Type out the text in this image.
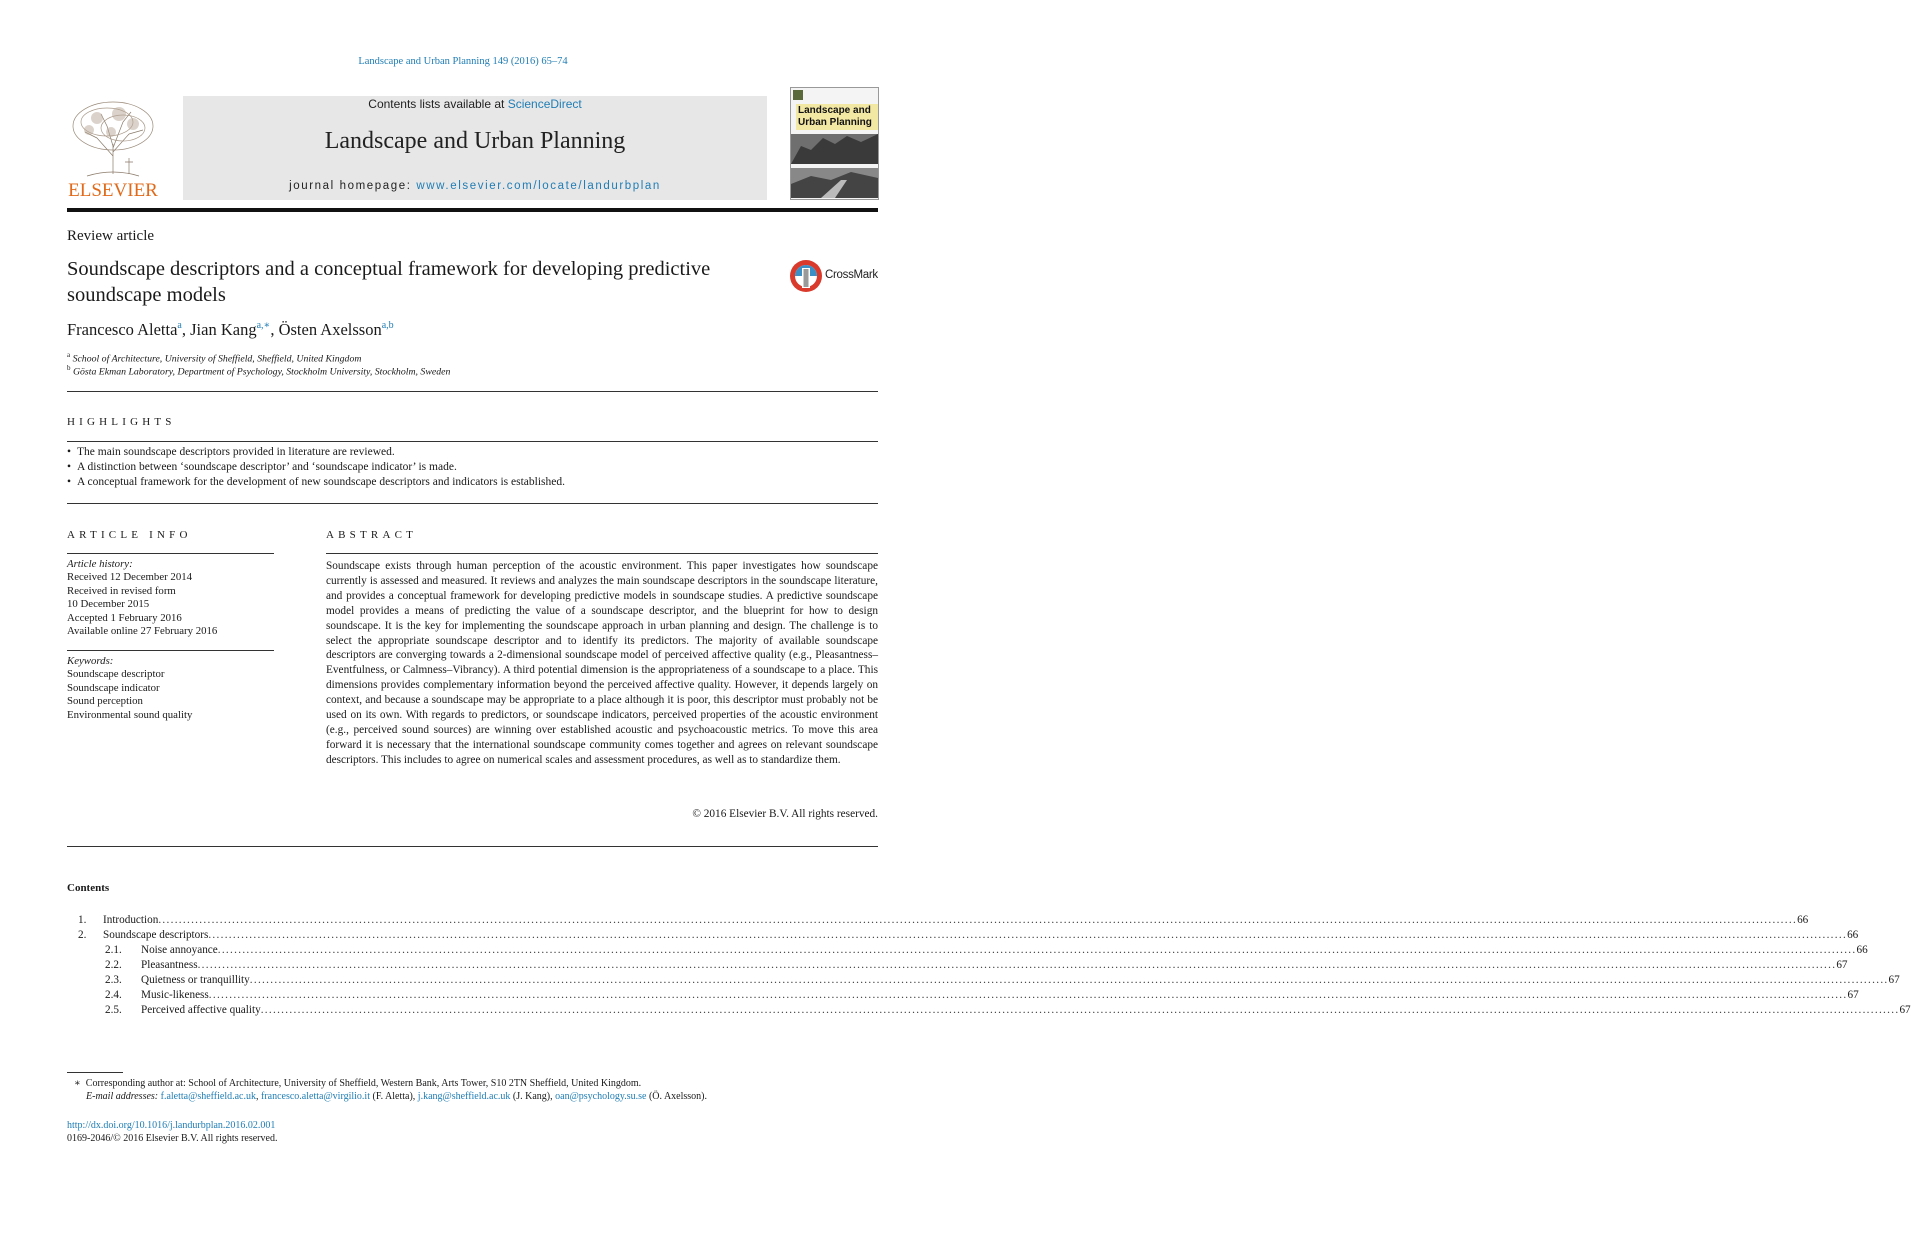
Landscape and Urban Planning 149 (2016) 65–74
ELSEVIER
Contents lists available at ScienceDirect
Landscape and Urban Planning
journal homepage: www.elsevier.com/locate/landurbplan
Landscape and Urban Planning
Review article
Soundscape descriptors and a conceptual framework for developing predictive soundscape models
CrossMark
Francesco Aletta$^a$, Jian Kang$^{a,∗}$, Östen Axelsson$^{a,b}$
$^a$ School of Architecture, University of Sheffield, Sheffield, United Kingdom
$^b$ Gösta Ekman Laboratory, Department of Psychology, Stockholm University, Stockholm, Sweden
HIGHLIGHTS
• The main soundscape descriptors provided in literature are reviewed.
• A distinction between ‘soundscape descriptor’ and ‘soundscape indicator’ is made.
• A conceptual framework for the development of new soundscape descriptors and indicators is established.
ARTICLE INFO
Article history:
Received 12 December 2014
Received in revised form
10 December 2015
Accepted 1 February 2016
Available online 27 February 2016
Keywords:
Soundscape descriptor
Soundscape indicator
Sound perception
Environmental sound quality
ABSTRACT
Soundscape exists through human perception of the acoustic environment. This paper investigates how soundscape currently is assessed and measured. It reviews and analyzes the main soundscape descriptors in the soundscape literature, and provides a conceptual framework for developing predictive models in soundscape studies. A predictive soundscape model provides a means of predicting the value of a soundscape descriptor, and the blueprint for how to design soundscape. It is the key for implementing the soundscape approach in urban planning and design. The challenge is to select the appropriate soundscape descriptor and to identify its predictors. The majority of available soundscape descriptors are converging towards a 2-dimensional soundscape model of perceived affective quality (e.g., Pleasantness–Eventfulness, or Calmness–Vibrancy). A third potential dimension is the appropriateness of a soundscape to a place. This dimensions provides complementary information beyond the perceived affective quality. However, it depends largely on context, and because a soundscape may be appropriate to a place although it is poor, this descriptor must probably not be used on its own. With regards to predictors, or soundscape indicators, perceived properties of the acoustic environment (e.g., perceived sound sources) are winning over established acoustic and psychoacoustic metrics. To move this area forward it is necessary that the international soundscape community comes together and agrees on relevant soundscape descriptors. This includes to agree on numerical scales and assessment procedures, as well as to standardize them.
© 2016 Elsevier B.V. All rights reserved.
Contents
1.	Introduction ................................................................................................................................................................................................................................................................................................................................................................................................................ 66
2.	Soundscape descriptors ................................................................................................................................................................................................................................................................................................................................................................................................................ 66
2.1.	Noise annoyance ................................................................................................................................................................................................................................................................................................................................................................................................................ 66
2.2.	Pleasantness ................................................................................................................................................................................................................................................................................................................................................................................................................ 67
2.3.	Quietness or tranquillity ................................................................................................................................................................................................................................................................................................................................................................................................................ 67
2.4.	Music-likeness ................................................................................................................................................................................................................................................................................................................................................................................................................ 67
2.5.	Perceived affective quality ................................................................................................................................................................................................................................................................................................................................................................................................................ 67
∗ Corresponding author at: School of Architecture, University of Sheffield, Western Bank, Arts Tower, S10 2TN Sheffield, United Kingdom.
E-mail addresses: f.aletta@sheffield.ac.uk, francesco.aletta@virgilio.it (F. Aletta), j.kang@sheffield.ac.uk (J. Kang), oan@psychology.su.se (Ö. Axelsson).
http://dx.doi.org/10.1016/j.landurbplan.2016.02.001
0169-2046/© 2016 Elsevier B.V. All rights reserved.
